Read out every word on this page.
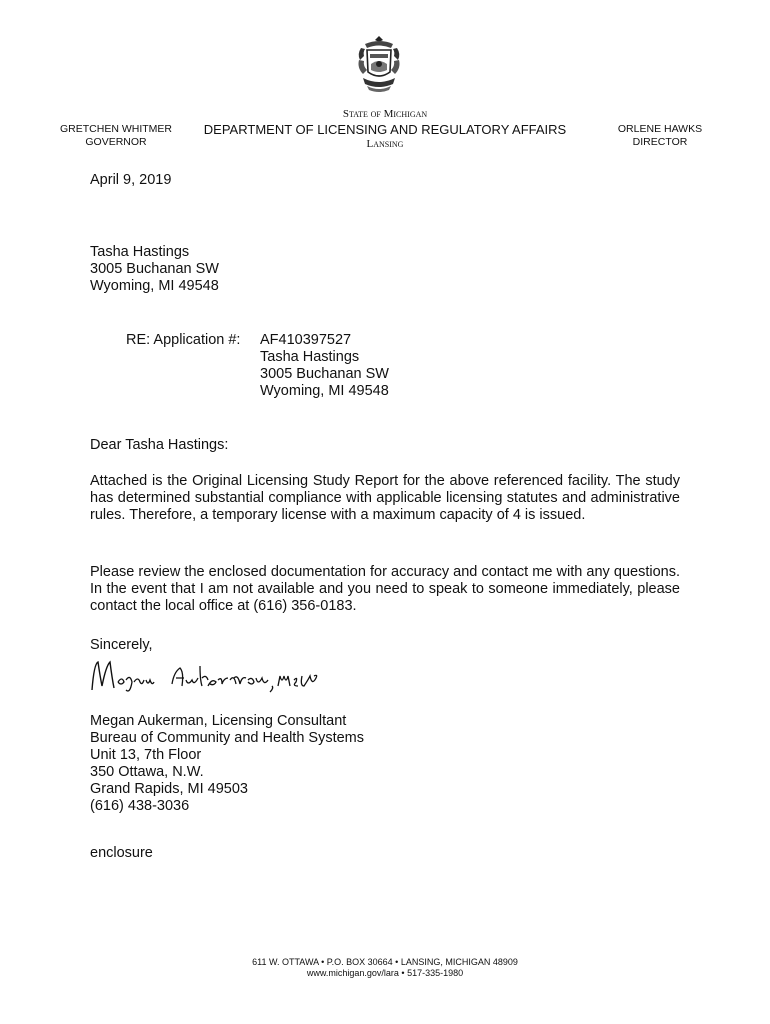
GRETCHEN WHITMER
GOVERNOR
State of Michigan
DEPARTMENT OF LICENSING AND REGULATORY AFFAIRS
Lansing
ORLENE HAWKS
DIRECTOR
April 9, 2019
Tasha Hastings
3005 Buchanan SW
Wyoming, MI 49548
RE: Application #: AF410397527
Tasha Hastings
3005 Buchanan SW
Wyoming, MI 49548
Dear Tasha Hastings:
Attached is the Original Licensing Study Report for the above referenced facility. The study has determined substantial compliance with applicable licensing statutes and administrative rules. Therefore, a temporary license with a maximum capacity of 4 is issued.
Please review the enclosed documentation for accuracy and contact me with any questions. In the event that I am not available and you need to speak to someone immediately, please contact the local office at (616) 356-0183.
Sincerely,
Megan Aukerman, Licensing Consultant
Bureau of Community and Health Systems
Unit 13, 7th Floor
350 Ottawa, N.W.
Grand Rapids, MI 49503
(616) 438-3036
enclosure
611 W. OTTAWA • P.O. BOX 30664 • LANSING, MICHIGAN 48909
www.michigan.gov/lara • 517-335-1980
